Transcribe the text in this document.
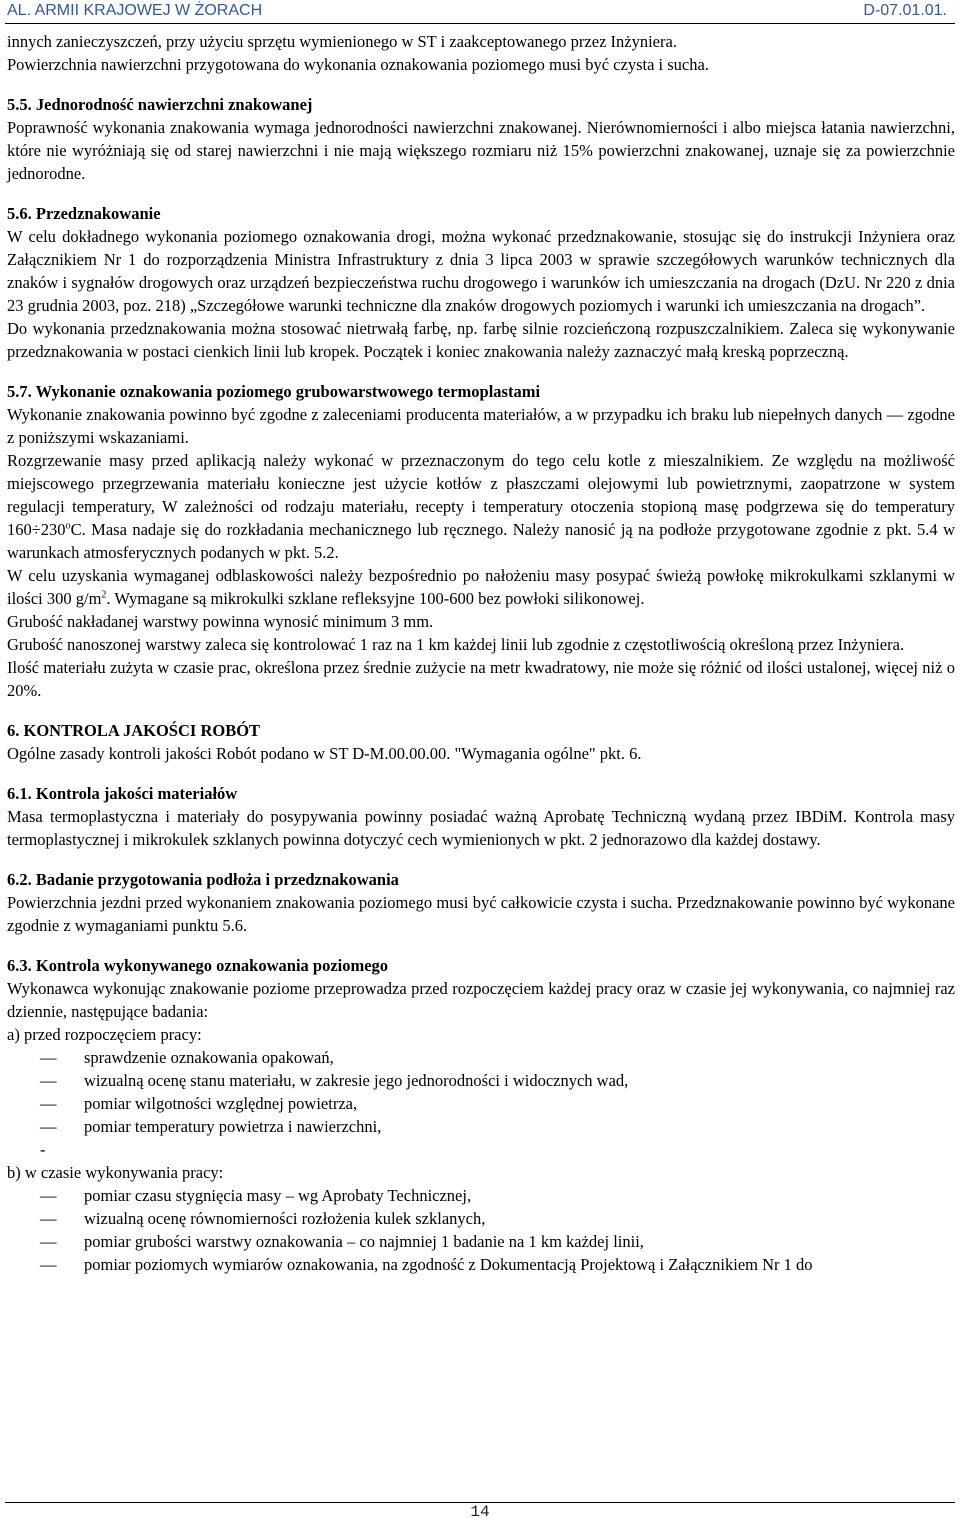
AL. ARMII KRAJOWEJ W ŻORACH	D-07.01.01.

innych zanieczyszczeń, przy użyciu sprzętu wymienionego w ST i zaakceptowanego przez Inżyniera.

Powierzchnia nawierzchni przygotowana do wykonania oznakowania poziomego musi być czysta i sucha.

5.5. Jednorodność nawierzchni znakowanej

Poprawność wykonania znakowania wymaga jednorodności nawierzchni znakowanej. Nierównomierności i albo miejsca łatania nawierzchni, które nie wyróżniają się od starej nawierzchni i nie mają większego rozmiaru niż 15% powierzchni znakowanej, uznaje się za powierzchnie jednorodne.

5.6. Przedznakowanie

W celu dokładnego wykonania poziomego oznakowania drogi, można wykonać przedznakowanie, stosując się do instrukcji Inżyniera oraz Załącznikiem Nr 1 do rozporządzenia Ministra Infrastruktury z dnia 3 lipca 2003 w sprawie szczegółowych warunków technicznych dla znaków i sygnałów drogowych oraz urządzeń bezpieczeństwa ruchu drogowego i warunków ich umieszczania na drogach (DzU. Nr 220 z dnia 23 grudnia 2003, poz. 218) „Szczegółowe warunki techniczne dla znaków drogowych poziomych i warunki ich umieszczania na drogach”.

Do wykonania przedznakowania można stosować nietrwałą farbę, np. farbę silnie rozcieńczoną rozpuszczalnikiem. Zaleca się wykonywanie przedznakowania w postaci cienkich linii lub kropek. Początek i koniec znakowania należy zaznaczyć małą kreską poprzeczną.

5.7. Wykonanie oznakowania poziomego grubowarstwowego termoplastami

Wykonanie znakowania powinno być zgodne z zaleceniami producenta materiałów, a w przypadku ich braku lub niepełnych danych — zgodne z poniższymi wskazaniami.

Rozgrzewanie masy przed aplikacją należy wykonać w przeznaczonym do tego celu kotle z mieszalnikiem. Ze względu na możliwość miejscowego przegrzewania materiału konieczne jest użycie kotłów z płaszczami olejowymi lub powietrznymi, zaopatrzone w system regulacji temperatury, W zależności od rodzaju materiału, recepty i temperatury otoczenia stopioną masę podgrzewa się do temperatury $160\div 230^oC$. Masa nadaje się do rozkładania mechanicznego lub ręcznego. Należy nanosić ją na podłoże przygotowane zgodnie z pkt. 5.4 w warunkach atmosferycznych podanych w pkt. 5.2.

W celu uzyskania wymaganej odblaskowości należy bezpośrednio po nałożeniu masy posypać świeżą powłokę mikrokulkami szklanymi w ilości 300 $g/m^2$. Wymagane są mikrokulki szklane refleksyjne 100-600 bez powłoki silikonowej.

Grubość nakładanej warstwy powinna wynosić minimum 3 mm.

Grubość nanoszonej warstwy zaleca się kontrolować 1 raz na 1 km każdej linii lub zgodnie z częstotliwością określoną przez Inżyniera.

Ilość materiału zużyta w czasie prac, określona przez średnie zużycie na metr kwadratowy, nie może się różnić od ilości ustalonej, więcej niż o 20%.

6. KONTROLA JAKOŚCI ROBÓT

Ogólne zasady kontroli jakości Robót podano w ST D-M.00.00.00. "Wymagania ogólne" pkt. 6.

6.1. Kontrola jakości materiałów

Masa termoplastyczna i materiały do posypywania powinny posiadać ważną Aprobatę Techniczną wydaną przez IBDiM. Kontrola masy termoplastycznej i mikrokulek szklanych powinna dotyczyć cech wymienionych w pkt. 2 jednorazowo dla każdej dostawy.

6.2. Badanie przygotowania podłoża i przedznakowania

Powierzchnia jezdni przed wykonaniem znakowania poziomego musi być całkowicie czysta i sucha. Przedznakowanie powinno być wykonane zgodnie z wymaganiami punktu 5.6.

6.3. Kontrola wykonywanego oznakowania poziomego

Wykonawca wykonując znakowanie poziome przeprowadza przed rozpoczęciem każdej pracy oraz w czasie jej wykonywania, co najmniej raz dziennie, następujące badania:

a) przed rozpoczęciem pracy:

— sprawdzenie oznakowania opakowań,
— wizualną ocenę stanu materiału, w zakresie jego jednorodności i widocznych wad,
— pomiar wilgotności względnej powietrza,
— pomiar temperatury powietrza i nawierzchni,

-

b) w czasie wykonywania pracy:

— pomiar czasu stygnięcia masy – wg Aprobaty Technicznej,
— wizualną ocenę równomierności rozłożenia kulek szklanych,
— pomiar grubości warstwy oznakowania – co najmniej 1 badanie na 1 km każdej linii,
— pomiar poziomych wymiarów oznakowania, na zgodność z Dokumentacją Projektową i Załącznikiem Nr 1 do
14
